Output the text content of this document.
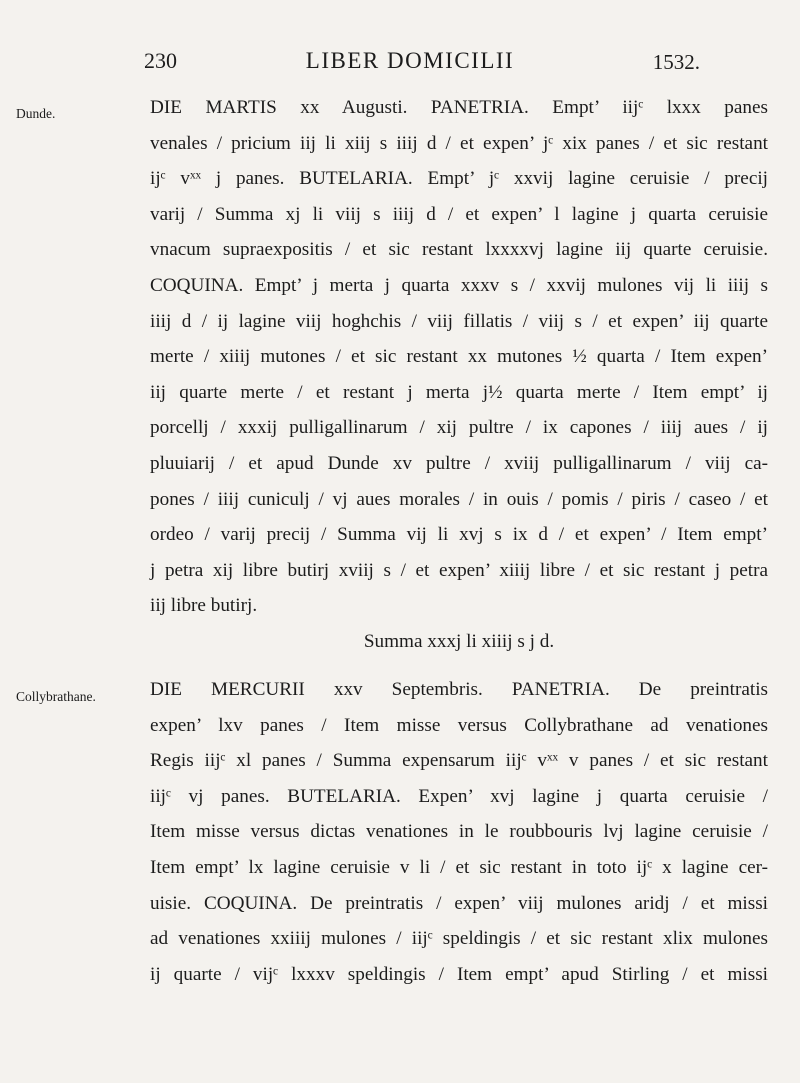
230	LIBER DOMICILII	1532.
Dunde.	DIE MARTIS xx Augusti. PANETRIA. Empt’ iijᶜ lxxx panes
venales / pricium iij li xiij s iiij d / et expen’ jᶜ xix panes / et sic restant
ijᶜ vˣˣ j panes. BUTELARIA. Empt’ jᶜ xxvij lagine ceruisie / precij
varij / Summa xj li viij s iiij d / et expen’ l lagine j quarta ceruisie
vnacum supraexpositis / et sic restant lxxxxvj lagine iij quarte ceruisie.
COQUINA. Empt’ j merta j quarta xxxv s / xxvij mulones vij li iiij s
iiij d / ij lagine viij hoghchis / viij fillatis / viij s / et expen’ iij quarte
merte / xiiij mutones / et sic restant xx mutones ½ quarta / Item expen’
iij quarte merte / et restant j merta j½ quarta merte / Item empt’ ij
porcellj / xxxij pulligallinarum / xij pultre / ix capones / iiij aues / ij
pluuiarij / et apud Dunde xv pultre / xviij pulligallinarum / viij ca-
pones / iiij cuniculj / vj aues morales / in ouis / pomis / piris / caseo / et
ordeo / varij precij / Summa vij li xvj s ix d / et expen’ / Item empt’
j petra xij libre butirj xviij s / et expen’ xiiij libre / et sic restant j petra
iij libre butirj.
Summa xxxj li xiiij s j d.
Collybrathane.	DIE MERCURII xxv Septembris. PANETRIA. De preintratis
expen’ lxv panes / Item misse versus Collybrathane ad venationes
Regis iijᶜ xl panes / Summa expensarum iijᶜ vˣˣ v panes / et sic restant
iijᶜ vj panes. BUTELARIA. Expen’ xvj lagine j quarta ceruisie /
Item misse versus dictas venationes in le roubbouris lvj lagine ceruisie /
Item empt’ lx lagine ceruisie v li / et sic restant in toto ijᶜ x lagine cer-
uisie. COQUINA. De preintratis / expen’ viij mulones aridj / et missi
ad venationes xxiiij mulones / iijᶜ speldingis / et sic restant xlix mulones
ij quarte / vijᶜ lxxxv speldingis / Item empt’ apud Stirling / et missi
